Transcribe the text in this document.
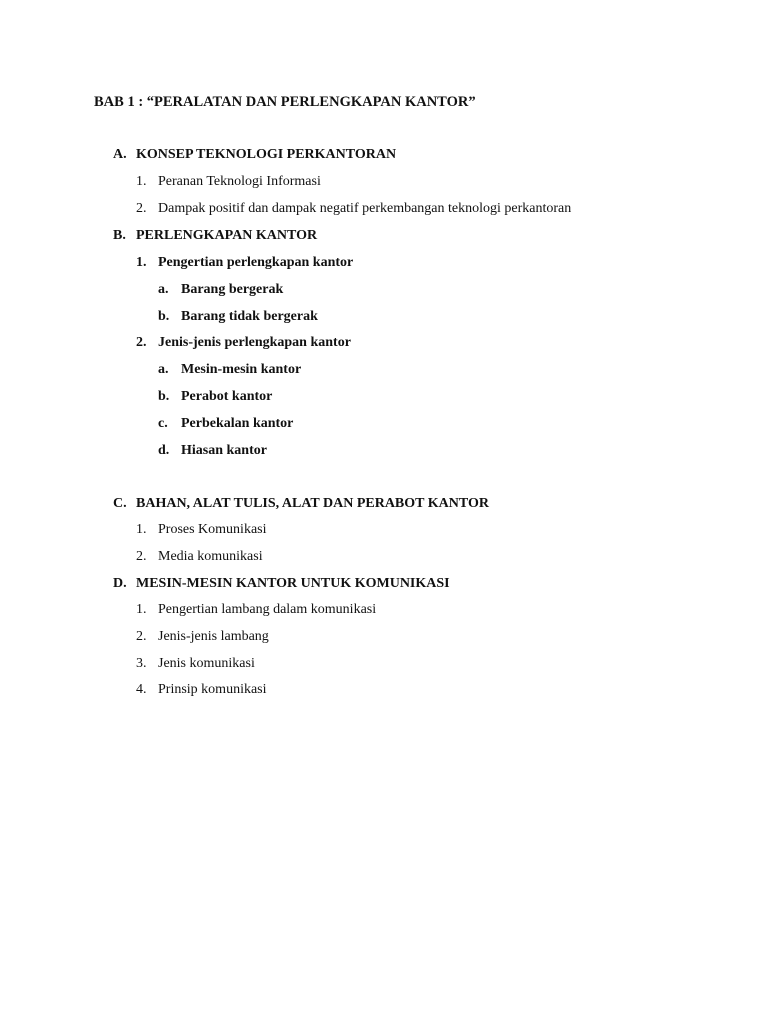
BAB 1 : “PERALATAN DAN PERLENGKAPAN KANTOR”
A. KONSEP TEKNOLOGI PERKANTORAN
1. Peranan Teknologi Informasi
2. Dampak positif dan dampak negatif perkembangan teknologi perkantoran
B. PERLENGKAPAN KANTOR
1. Pengertian perlengkapan kantor
a. Barang bergerak
b. Barang tidak bergerak
2. Jenis-jenis perlengkapan kantor
a. Mesin-mesin kantor
b. Perabot kantor
c. Perbekalan kantor
d. Hiasan kantor
C. BAHAN, ALAT TULIS, ALAT DAN PERABOT KANTOR
1. Proses Komunikasi
2. Media komunikasi
D. MESIN-MESIN KANTOR UNTUK KOMUNIKASI
1. Pengertian lambang dalam komunikasi
2. Jenis-jenis lambang
3. Jenis komunikasi
4. Prinsip komunikasi
